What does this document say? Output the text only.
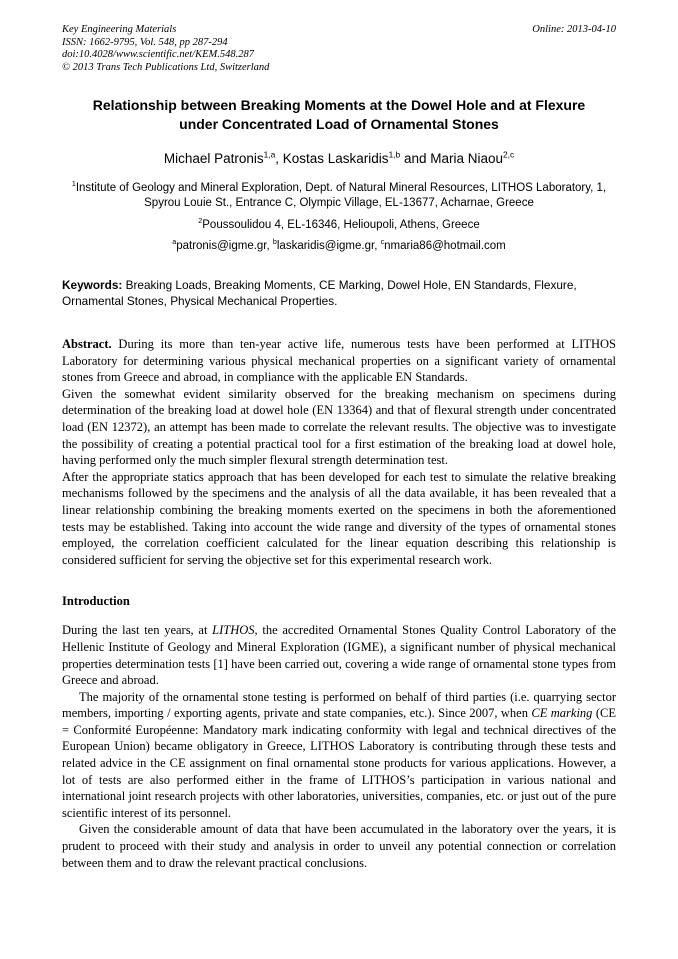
Key Engineering Materials
ISSN: 1662-9795, Vol. 548, pp 287-294
doi:10.4028/www.scientific.net/KEM.548.287
© 2013 Trans Tech Publications Ltd, Switzerland
Online: 2013-04-10
Relationship between Breaking Moments at the Dowel Hole and at Flexure under Concentrated Load of Ornamental Stones
Michael Patronis$^{1,a}$, Kostas Laskaridis$^{1,b}$ and Maria Niaou$^{2,c}$
$^1$Institute of Geology and Mineral Exploration, Dept. of Natural Mineral Resources, LITHOS Laboratory, 1, Spyrou Louie St., Entrance C, Olympic Village, EL-13677, Acharnae, Greece
$^2$Poussoulidou 4, EL-16346, Helioupoli, Athens, Greece
$^a$patronis@igme.gr, $^b$laskaridis@igme.gr, $^c$nmaria86@hotmail.com
Keywords: Breaking Loads, Breaking Moments, CE Marking, Dowel Hole, EN Standards, Flexure, Ornamental Stones, Physical Mechanical Properties.

Abstract. During its more than ten-year active life, numerous tests have been performed at LITHOS Laboratory for determining various physical mechanical properties on a significant variety of ornamental stones from Greece and abroad, in compliance with the applicable EN Standards.

Given the somewhat evident similarity observed for the breaking mechanism on specimens during determination of the breaking load at dowel hole (EN 13364) and that of flexural strength under concentrated load (EN 12372), an attempt has been made to correlate the relevant results. The objective was to investigate the possibility of creating a potential practical tool for a first estimation of the breaking load at dowel hole, having performed only the much simpler flexural strength determination test.

After the appropriate statics approach that has been developed for each test to simulate the relative breaking mechanisms followed by the specimens and the analysis of all the data available, it has been revealed that a linear relationship combining the breaking moments exerted on the specimens in both the aforementioned tests may be established. Taking into account the wide range and diversity of the types of ornamental stones employed, the correlation coefficient calculated for the linear equation describing this relationship is considered sufficient for serving the objective set for this experimental research work.

Introduction

During the last ten years, at LITHOS, the accredited Ornamental Stones Quality Control Laboratory of the Hellenic Institute of Geology and Mineral Exploration (IGME), a significant number of physical mechanical properties determination tests [1] have been carried out, covering a wide range of ornamental stone types from Greece and abroad.

The majority of the ornamental stone testing is performed on behalf of third parties (i.e. quarrying sector members, importing / exporting agents, private and state companies, etc.). Since 2007, when CE marking (CE = Conformité Européenne: Mandatory mark indicating conformity with legal and technical directives of the European Union) became obligatory in Greece, LITHOS Laboratory is contributing through these tests and related advice in the CE assignment on final ornamental stone products for various applications. However, a lot of tests are also performed either in the frame of LITHOS’s participation in various national and international joint research projects with other laboratories, universities, companies, etc. or just out of the pure scientific interest of its personnel.

Given the considerable amount of data that have been accumulated in the laboratory over the years, it is prudent to proceed with their study and analysis in order to unveil any potential connection or correlation between them and to draw the relevant practical conclusions.
